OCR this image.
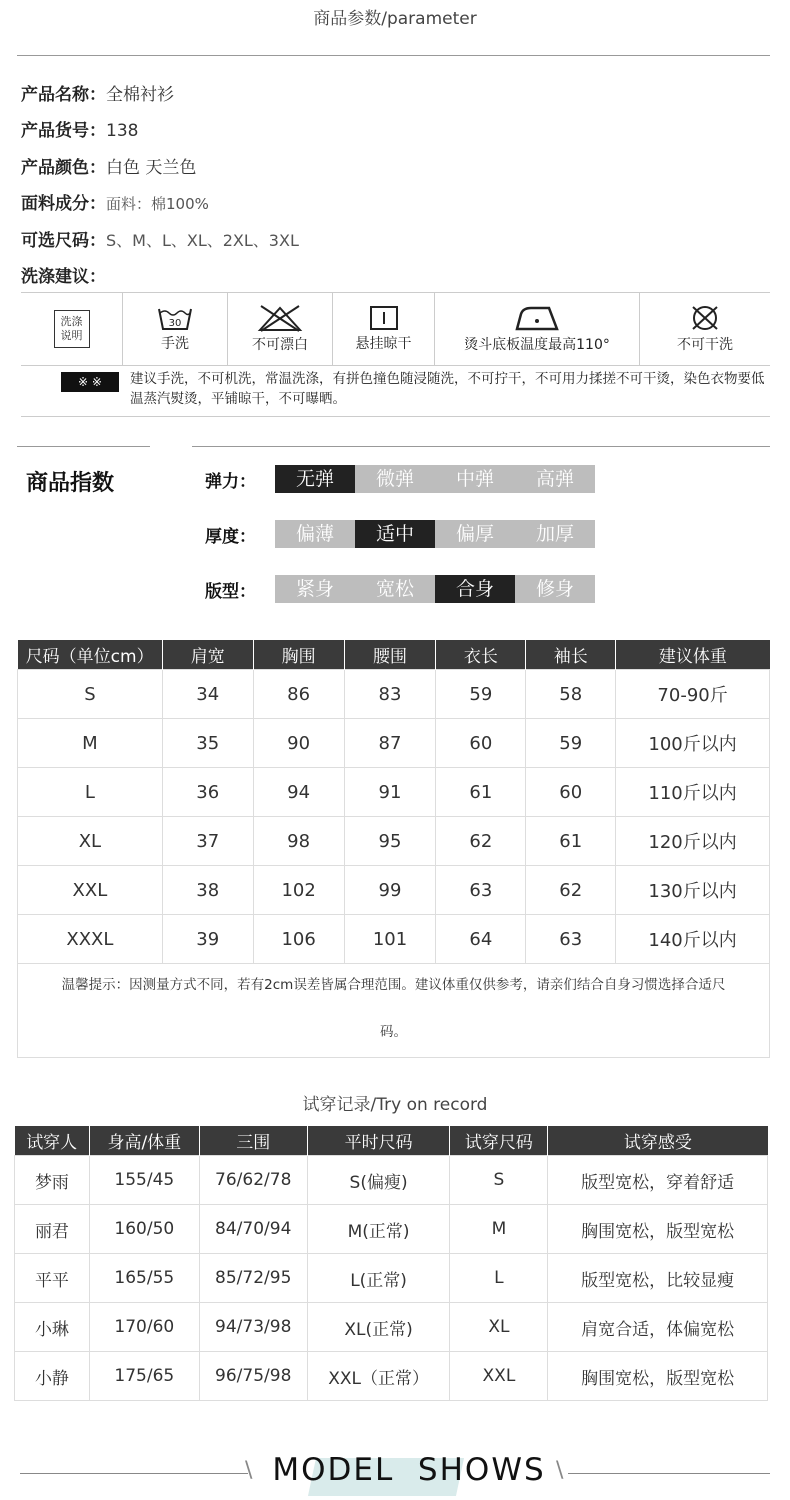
商品参数/parameter
产品名称：全棉衬衫
产品货号：138
产品颜色：白色 天兰色
面料成分：面料：棉100%
可选尺码：S、M、L、XL、2XL、3XL
洗涤建议：
洗涤说明
30
手洗	不可漂白	悬挂晾干	烫斗底板温度最高110°	不可干洗
※ ※	建议手洗，不可机洗，常温洗涤，有拼色撞色随浸随洗，不可拧干，不可用力揉搓不可干烫，染色衣物要低温蒸汽熨烫，平铺晾干，不可曝晒。
商品指数	弹力：	无弹	微弹	中弹	高弹
厚度：	偏薄	适中	偏厚	加厚
版型：	紧身	宽松	合身	修身
尺码（单位cm）	肩宽	胸围	腰围	衣长	袖长	建议体重
S	34	86	83	59	58	70-90斤
M	35	90	87	60	59	100斤以内
L	36	94	91	61	60	110斤以内
XL	37	98	95	62	61	120斤以内
XXL	38	102	99	63	62	130斤以内
XXXL	39	106	101	64	63	140斤以内
温馨提示：因测量方式不同，若有2cm误差皆属合理范围。建议体重仅供参考，请亲们结合自身习惯选择合适尺
码。
试穿记录/Try on record
试穿人	身高/体重	三围	平时尺码	试穿尺码	试穿感受
梦雨	155/45	76/62/78	S(偏瘦)	S	版型宽松，穿着舒适
丽君	160/50	84/70/94	M(正常)	M	胸围宽松，版型宽松
平平	165/55	85/72/95	L(正常)	L	版型宽松，比较显瘦
小琳	170/60	94/73/98	XL(正常)	XL	肩宽合适，体偏宽松
小静	175/65	96/75/98	XXL（正常）	XXL	胸围宽松，版型宽松
\	\
MODEL  SHOWS
